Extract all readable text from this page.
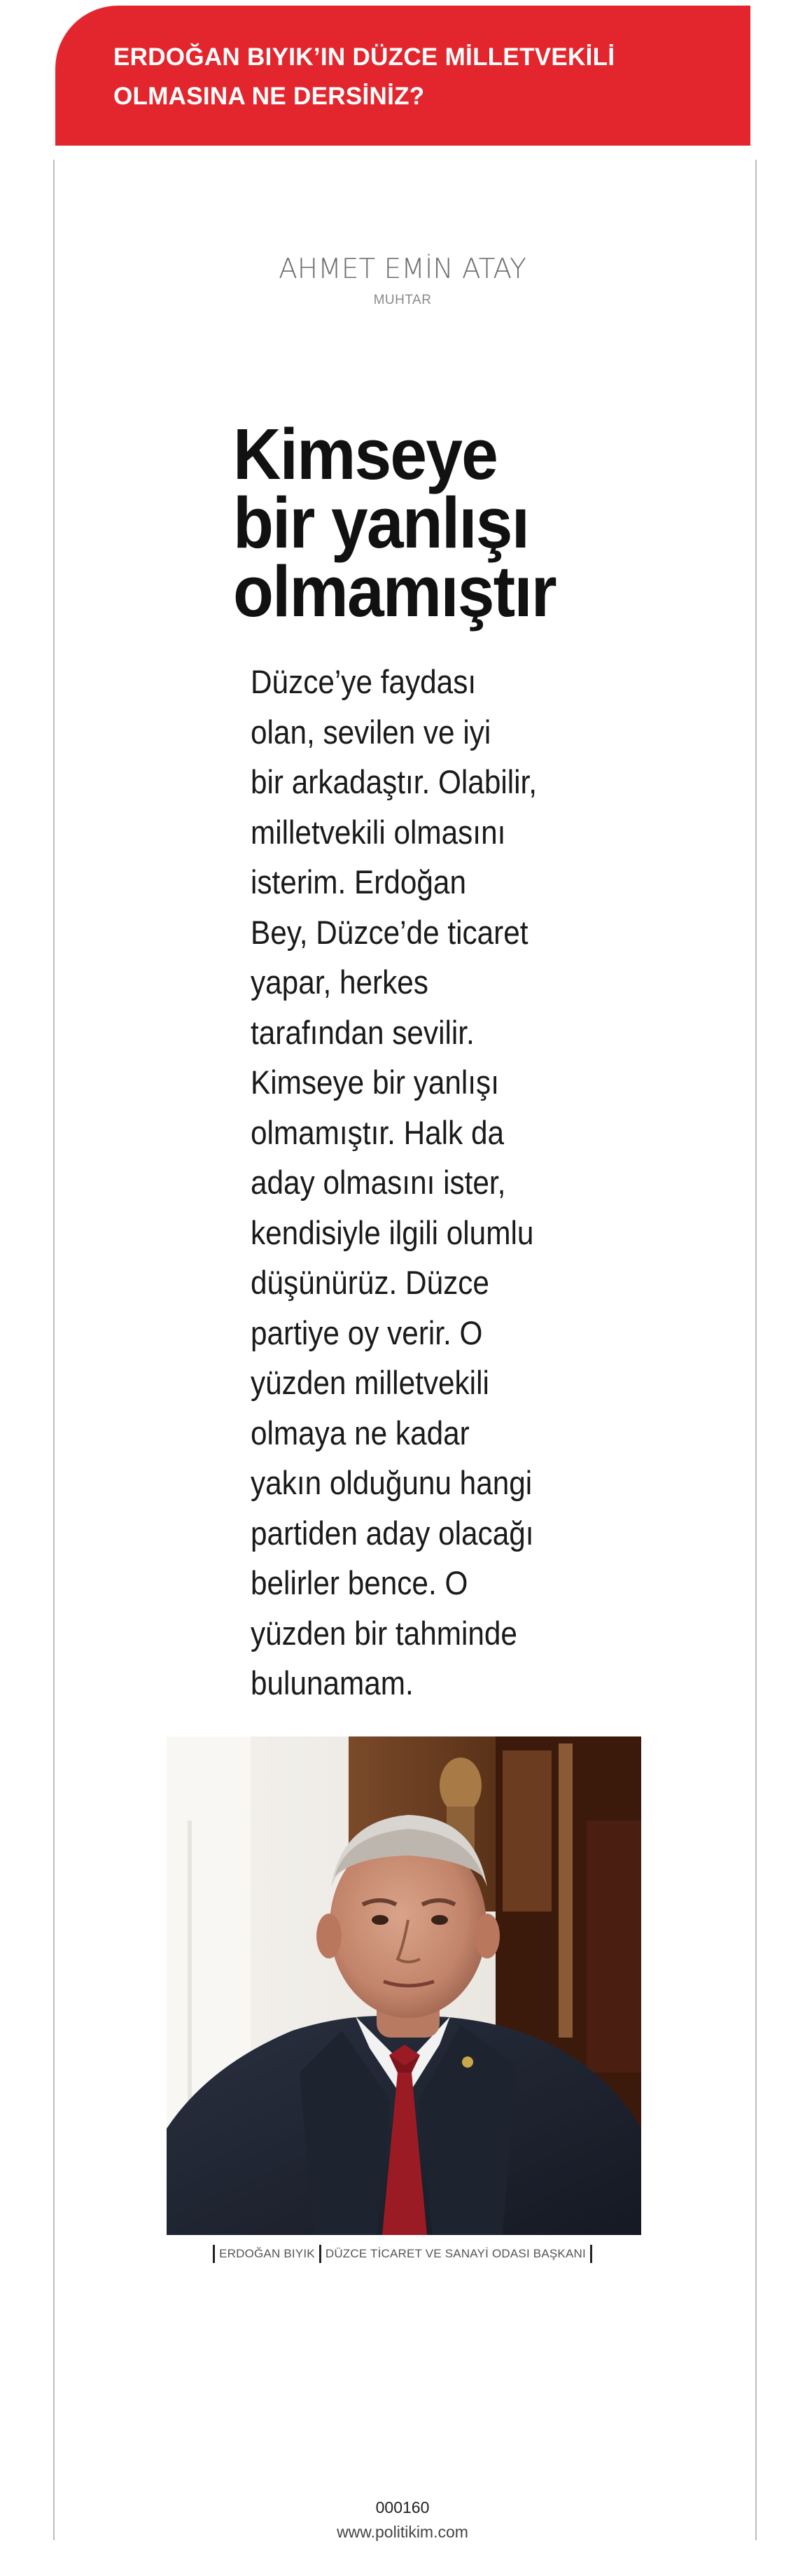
ERDOĞAN BIYIK’IN DÜZCE MİLLETVEKİLİ
OLMASINA NE DERSİNİZ?
AHMET EMİN ATAY
MUHTAR
Kimseye
bir yanlışı
olmamıştır

Düzce’ye faydası
olan, sevilen ve iyi
bir arkadaştır. Olabilir,
milletvekili olmasını
isterim. Erdoğan
Bey, Düzce’de ticaret
yapar, herkes
tarafından sevilir.
Kimseye bir yanlışı
olmamıştır. Halk da
aday olmasını ister,
kendisiyle ilgili olumlu
düşünürüz. Düzce
partiye oy verir. O
yüzden milletvekili
olmaya ne kadar
yakın olduğunu hangi
partiden aday olacağı
belirler bence. O
yüzden bir tahminde
bulunamam.

ERDOĞAN BIYIK DÜZCE TİCARET VE SANAYİ ODASI BAŞKANI
000160
www.politikim.com
